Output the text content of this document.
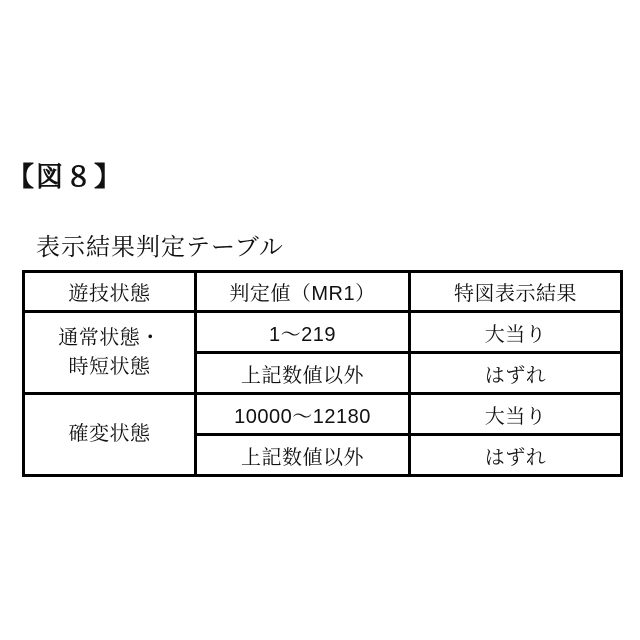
【図８】
表示結果判定テーブル
遊技状態	判定値（MR1）	特図表示結果
通常状態・
時短状態	1～219	大当り
	上記数値以外	はずれ
確変状態	10000～12180	大当り
	上記数値以外	はずれ
